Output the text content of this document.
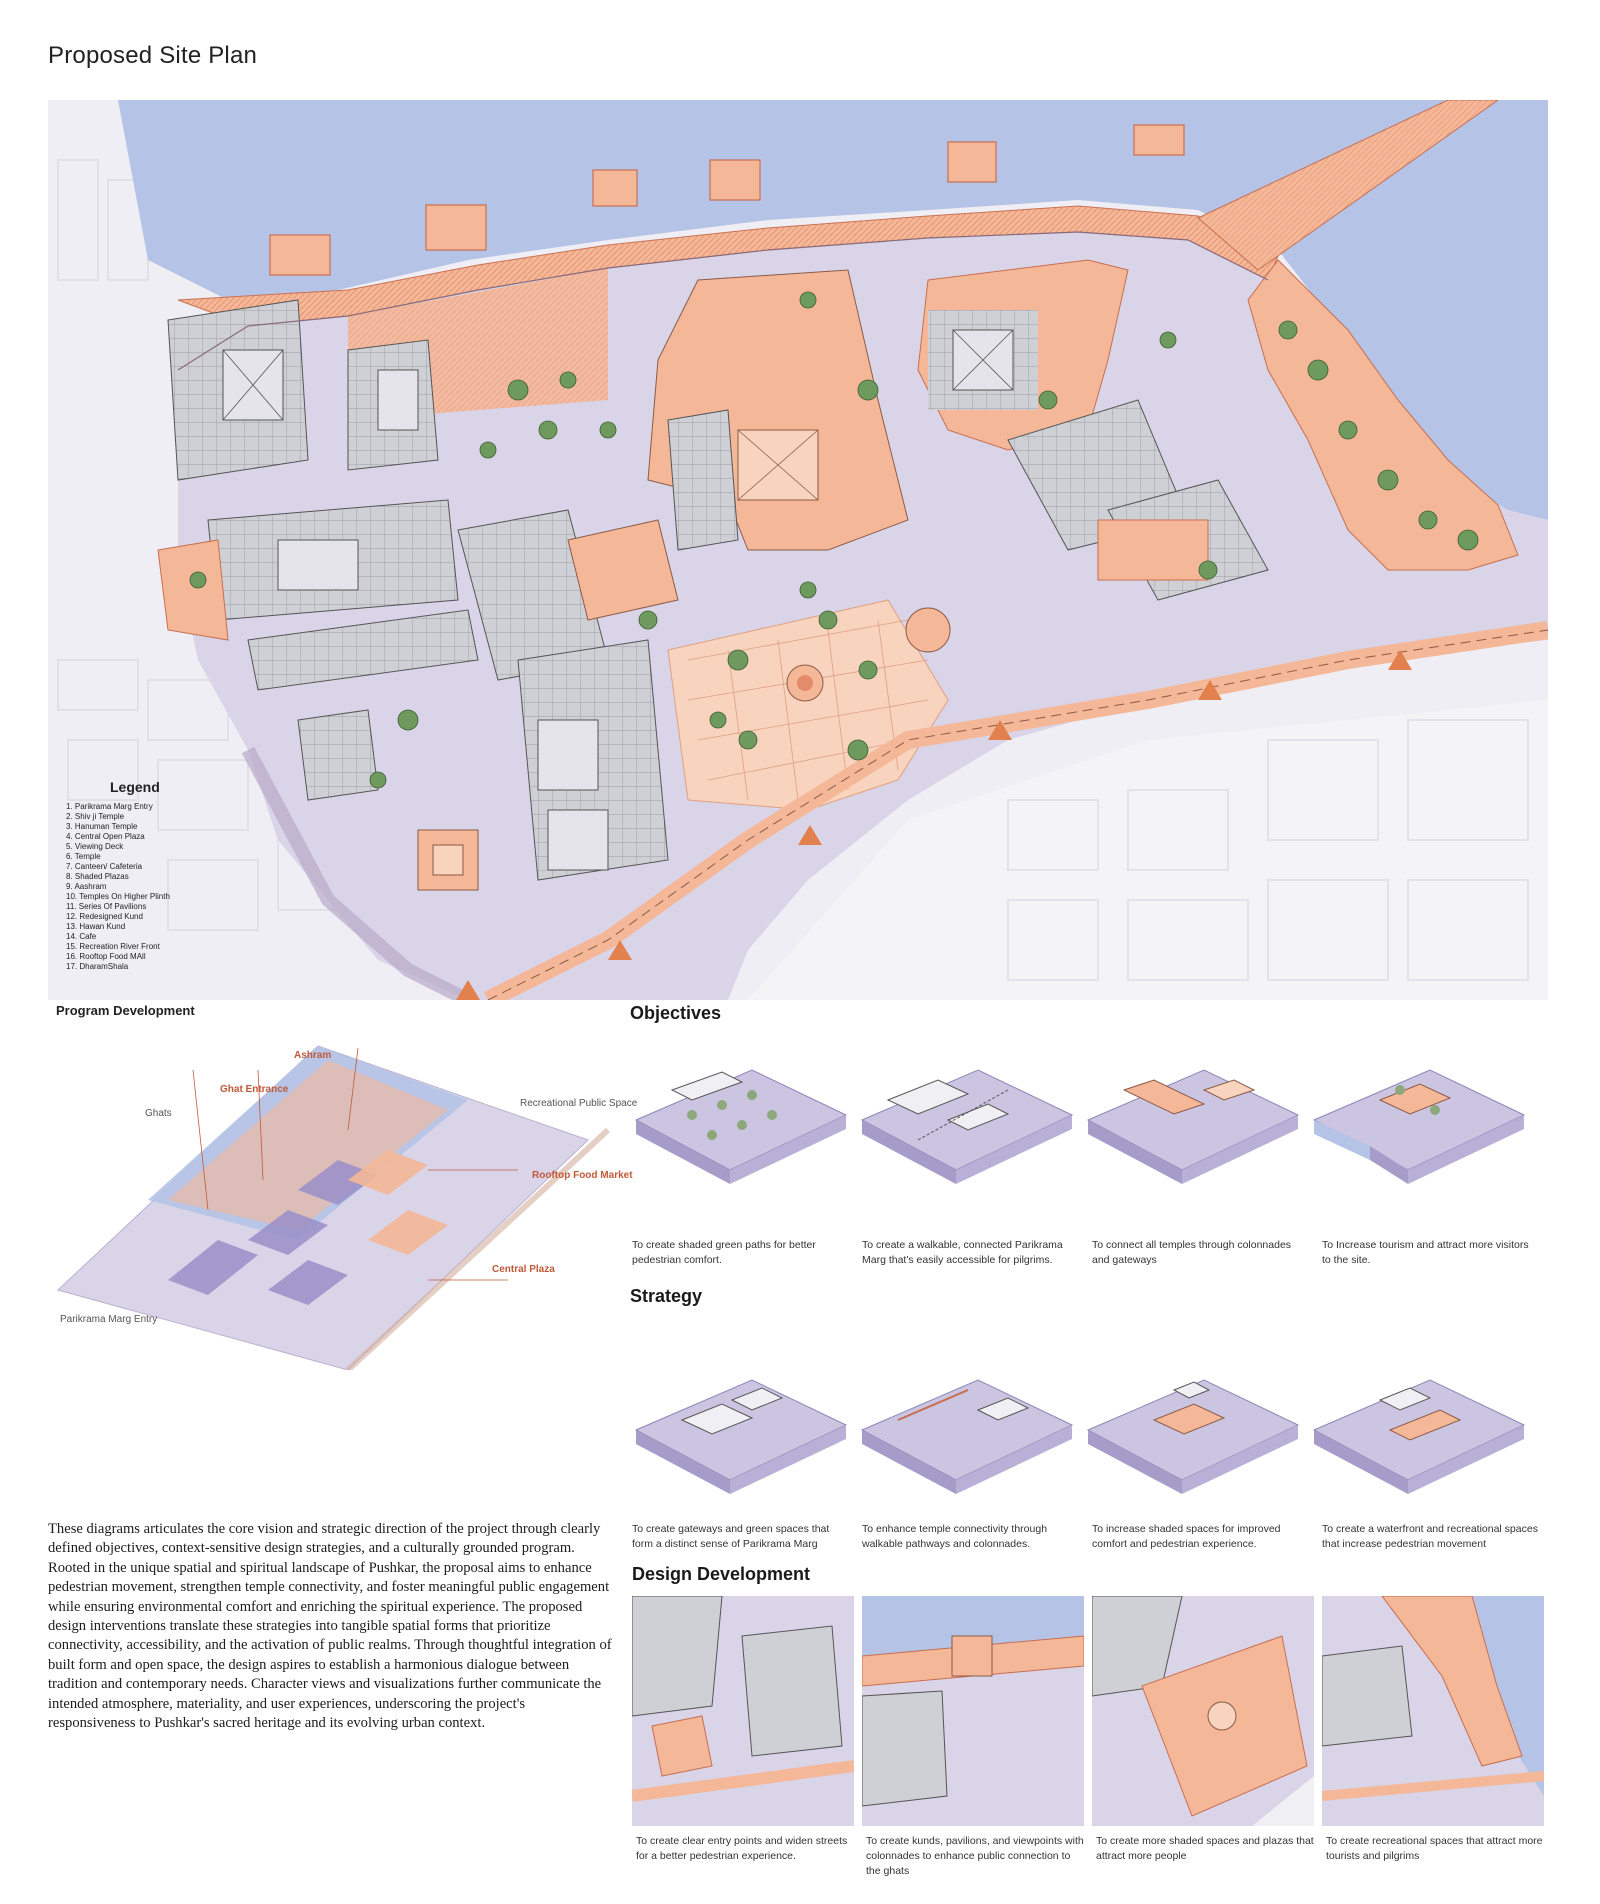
Proposed Site Plan
Legend
1. Parikrama Marg Entry
2. Shiv ji Temple
3. Hanuman Temple
4. Central Open Plaza
5. Viewing Deck
6. Temple
7. Canteen/ Cafeteria
8. Shaded Plazas
9. Aashram
10. Temples On Higher Plinth
11. Series Of Pavilions
12. Redesigned Kund
13. Hawan Kund
14. Cafe
15. Recreation River Front
16. Rooftop Food MAll
17. DharamShala
Program Development
Ashram
Ghat Entrance
Ghats
Recreational Public Space
Rooftop Food Market
Central Plaza
Parikrama Marg Entry
Objectives
To create shaded green paths for better pedestrian comfort.
To create a walkable, connected Parikrama Marg that's easily accessible for pilgrims.
To connect all temples through colonnades and gateways
To Increase tourism and attract more visitors to the site.
Strategy
To create gateways and green spaces that form a distinct sense of Parikrama Marg
To enhance temple connectivity through walkable pathways and colonnades.
To increase shaded spaces for improved comfort and pedestrian experience.
To create a waterfront and recreational spaces that increase pedestrian movement
These diagrams articulates the core vision and strategic direction of the project through clearly defined objectives, context-sensitive design strategies, and a culturally grounded program. Rooted in the unique spatial and spiritual landscape of Pushkar, the proposal aims to enhance pedestrian movement, strengthen temple connectivity, and foster meaningful public engagement while ensuring environmental comfort and enriching the spiritual experience. The proposed design interventions translate these strategies into tangible spatial forms that prioritize connectivity, accessibility, and the activation of public realms. Through thoughtful integration of built form and open space, the design aspires to establish a harmonious dialogue between tradition and contemporary needs. Character views and visualizations further communicate the intended atmosphere, materiality, and user experiences, underscoring the project's responsiveness to Pushkar's sacred heritage and its evolving urban context.
Design Development
To create clear entry points and widen streets for a better pedestrian experience.
To create kunds, pavilions, and viewpoints with colonnades to enhance public connection to the ghats
To create more shaded spaces and plazas that attract more people
To create recreational spaces that attract more tourists and pilgrims
